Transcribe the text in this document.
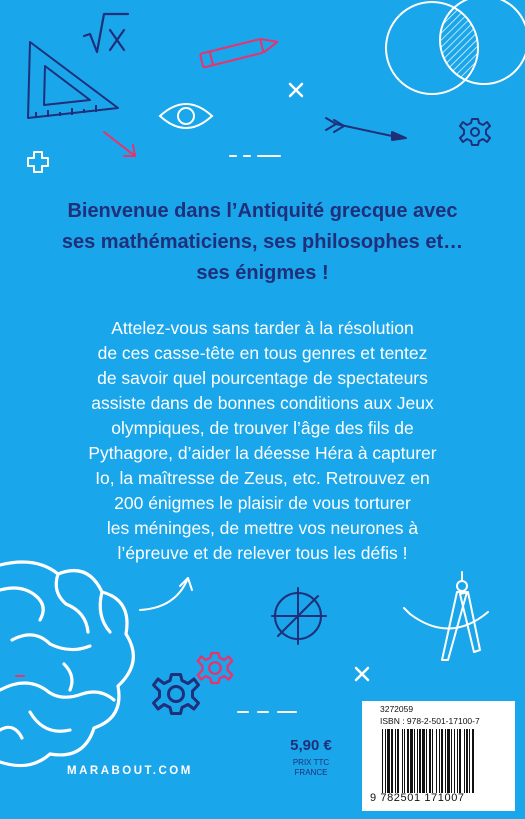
Bienvenue dans l’Antiquité grecque avec
ses mathématiciens, ses philosophes et…
ses énigmes !
Attelez-vous sans tarder à la résolution
de ces casse-tête en tous genres et tentez
de savoir quel pourcentage de spectateurs
assiste dans de bonnes conditions aux Jeux
olympiques, de trouver l’âge des fils de
Pythagore, d’aider la déesse Héra à capturer
Io, la maîtresse de Zeus, etc. Retrouvez en
200 énigmes le plaisir de vous torturer
les méninges, de mettre vos neurones à
l’épreuve et de relever tous les défis !
MARABOUT.COM
5,90 €
PRIX TTC
FRANCE
3272059
ISBN : 978-2-501-17100-7
9 782501 171007
